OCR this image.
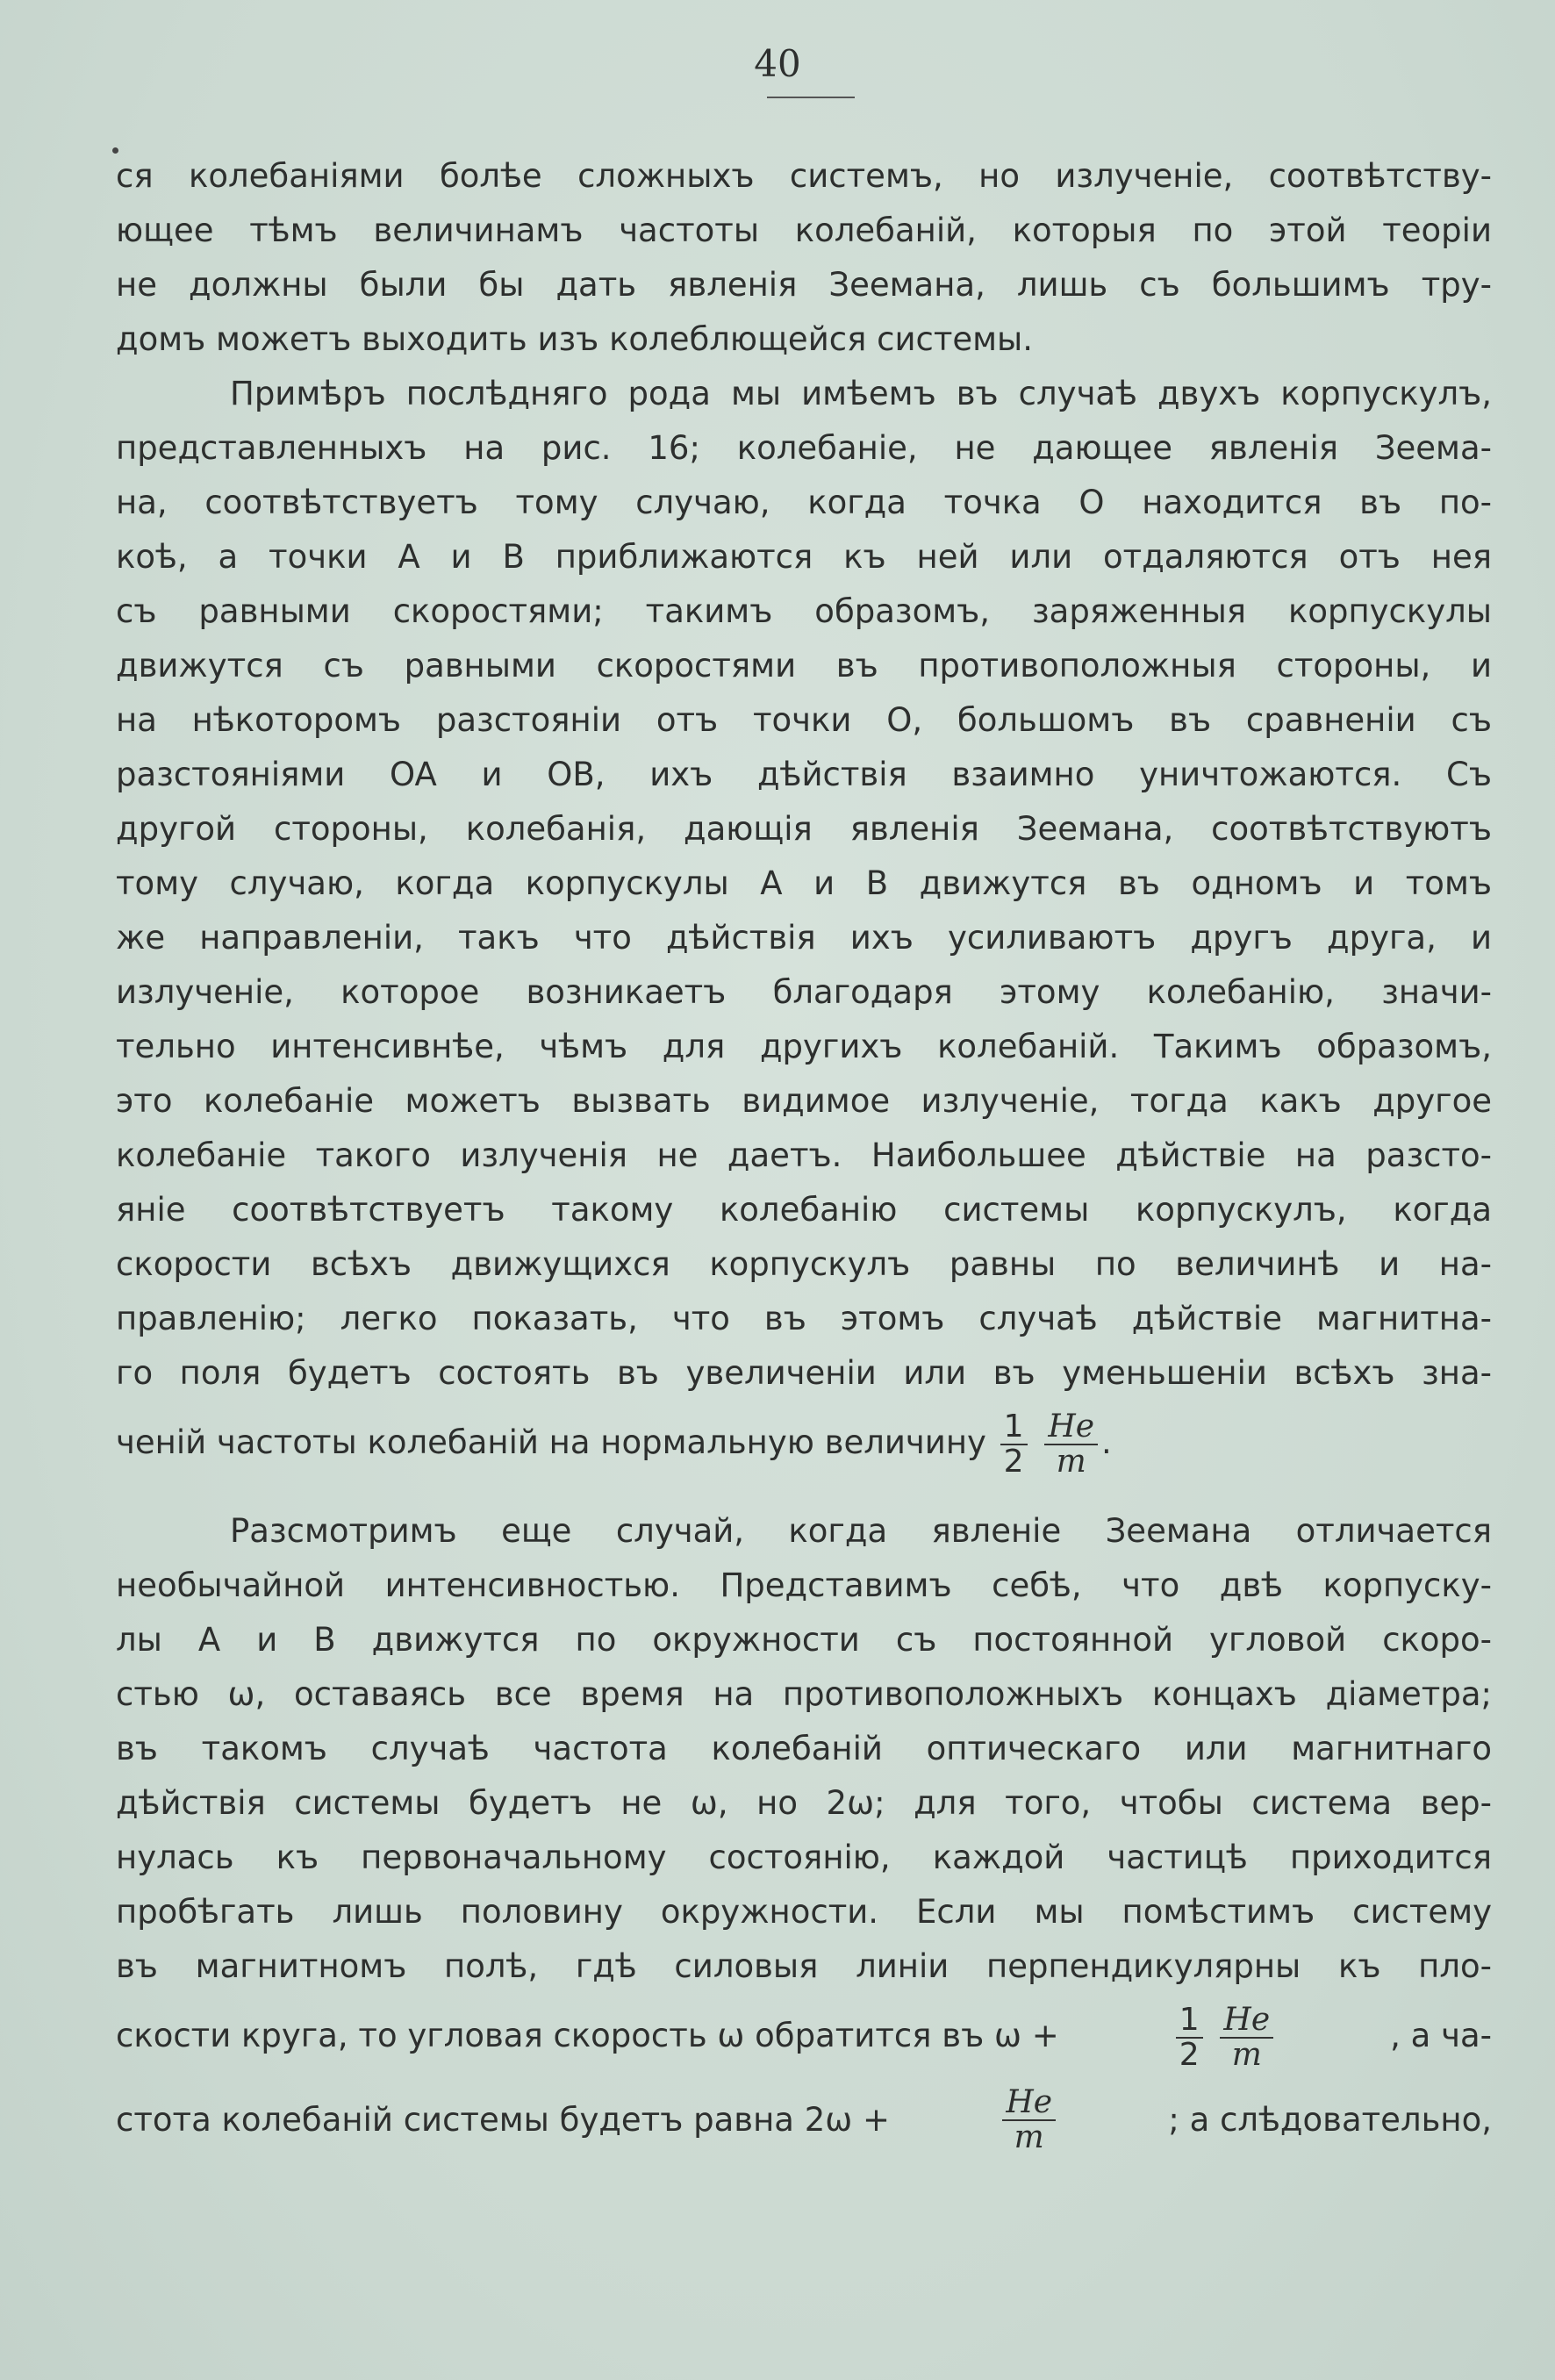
40
ся колебаніями болѣе сложныхъ системъ, но излученіе, соотвѣтству-
ющее тѣмъ величинамъ частоты колебаній, которыя по этой теоріи
не должны были бы дать явленія Зеемана, лишь съ большимъ тру-
домъ можетъ выходить изъ колеблющейся системы.
Примѣръ послѣдняго рода мы имѣемъ въ случаѣ двухъ корпускулъ,
представленныхъ на рис. 16; колебаніе, не дающее явленія Зеема-
на, соотвѣтствуетъ тому случаю, когда точка O находится въ по-
коѣ, а точки A и B приближаются къ ней или отдаляются отъ нея
съ равными скоростями; такимъ образомъ, заряженныя корпускулы
движутся съ равными скоростями въ противоположныя стороны, и
на нѣкоторомъ разстояніи отъ точки O, большомъ въ сравненіи съ
разстояніями OA и OB, ихъ дѣйствія взаимно уничтожаются. Съ
другой стороны, колебанія, дающія явленія Зеемана, соотвѣтствуютъ
тому случаю, когда корпускулы A и B движутся въ одномъ и томъ
же направленіи, такъ что дѣйствія ихъ усиливаютъ другъ друга, и
излученіе, которое возникаетъ благодаря этому колебанію, значи-
тельно интенсивнѣе, чѣмъ для другихъ колебаній. Такимъ образомъ,
это колебаніе можетъ вызвать видимое излученіе, тогда какъ другое
колебаніе такого излученія не даетъ. Наибольшее дѣйствіе на разсто-
яніе соотвѣтствуетъ такому колебанію системы корпускулъ, когда
скорости всѣхъ движущихся корпускулъ равны по величинѣ и на-
правленію; легко показать, что въ этомъ случаѣ дѣйствіе магнитна-
го поля будетъ состоять въ увеличеніи или въ уменьшеніи всѣхъ зна-
ченій частоты колебаній на нормальную величину $\frac{1}{2}$
$\frac{He}{m}$ .
Разсмотримъ еще случай, когда явленіе Зеемана отличается
необычайной интенсивностью. Представимъ себѣ, что двѣ корпуску-
лы A и B движутся по окружности съ постоянной угловой скоро-
стью ω, оставаясь все время на противоположныхъ концахъ діаметра;
въ такомъ случаѣ частота колебаній оптическаго или магнитнаго
дѣйствія системы будетъ не ω, но 2ω; для того, чтобы система вер-
нулась къ первоначальному состоянію, каждой частицѣ приходится
пробѣгать лишь половину окружности. Если мы помѣстимъ систему
въ магнитномъ полѣ, гдѣ силовыя линіи перпендикулярны къ пло-
скости круга, то угловая скорость ω обратится въ ω +	$\frac{1}{2}$
$\frac{He}{m}$	, а ча-
стота колебаній системы будетъ равна 2ω +	$\frac{He}{m}$	; а слѣдовательно,
